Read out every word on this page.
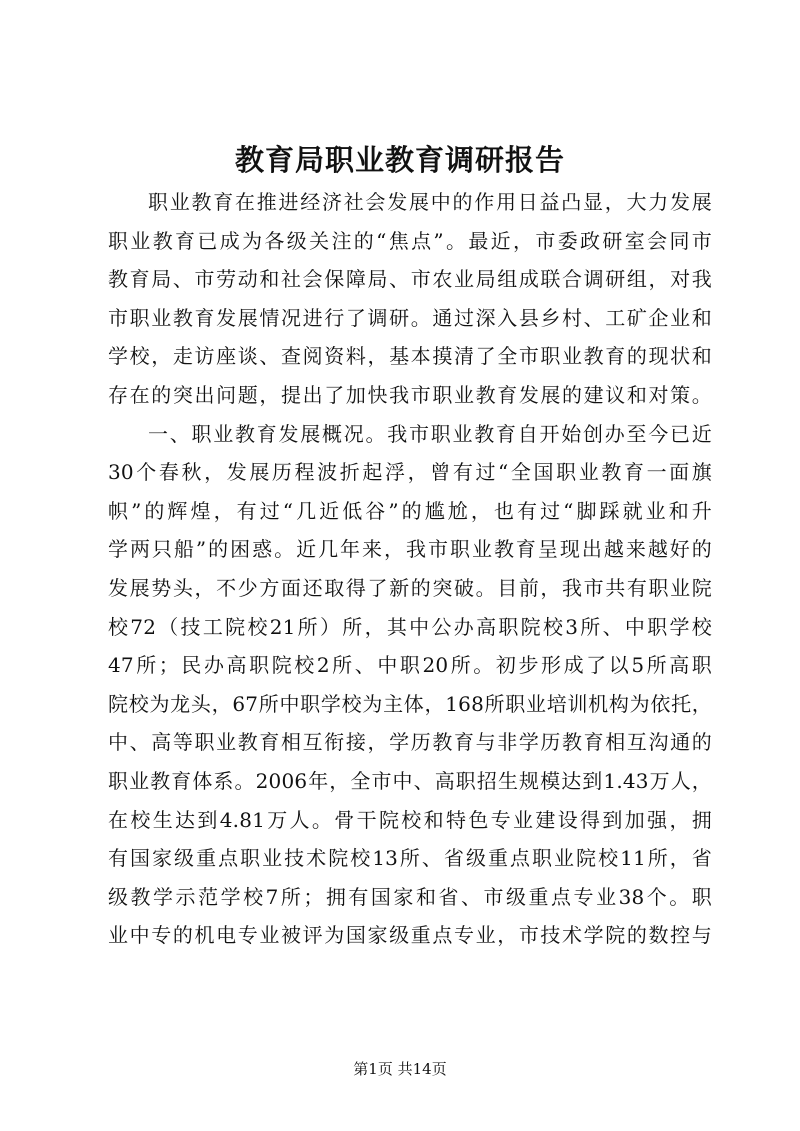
教育局职业教育调研报告
职业教育在推进经济社会发展中的作用日益凸显，大力发展
职业教育已成为各级关注的“焦点”。最近，市委政研室会同市
教育局、市劳动和社会保障局、市农业局组成联合调研组，对我
市职业教育发展情况进行了调研。通过深入县乡村、工矿企业和
学校，走访座谈、查阅资料，基本摸清了全市职业教育的现状和
存在的突出问题，提出了加快我市职业教育发展的建议和对策。
一、职业教育发展概况。我市职业教育自开始创办至今已近
30个春秋，发展历程波折起浮，曾有过“全国职业教育一面旗
帜”的辉煌，有过“几近低谷”的尴尬，也有过“脚踩就业和升
学两只船”的困惑。近几年来，我市职业教育呈现出越来越好的
发展势头，不少方面还取得了新的突破。目前，我市共有职业院
校72（技工院校21所）所，其中公办高职院校3所、中职学校
47所；民办高职院校2所、中职20所。初步形成了以5所高职
院校为龙头，67所中职学校为主体，168所职业培训机构为依托，
中、高等职业教育相互衔接，学历教育与非学历教育相互沟通的
职业教育体系。2006年，全市中、高职招生规模达到1.43万人，
在校生达到4.81万人。骨干院校和特色专业建设得到加强，拥
有国家级重点职业技术院校13所、省级重点职业院校11所，省
级教学示范学校7所；拥有国家和省、市级重点专业38个。职
业中专的机电专业被评为国家级重点专业，市技术学院的数控与
第1页 共14页
